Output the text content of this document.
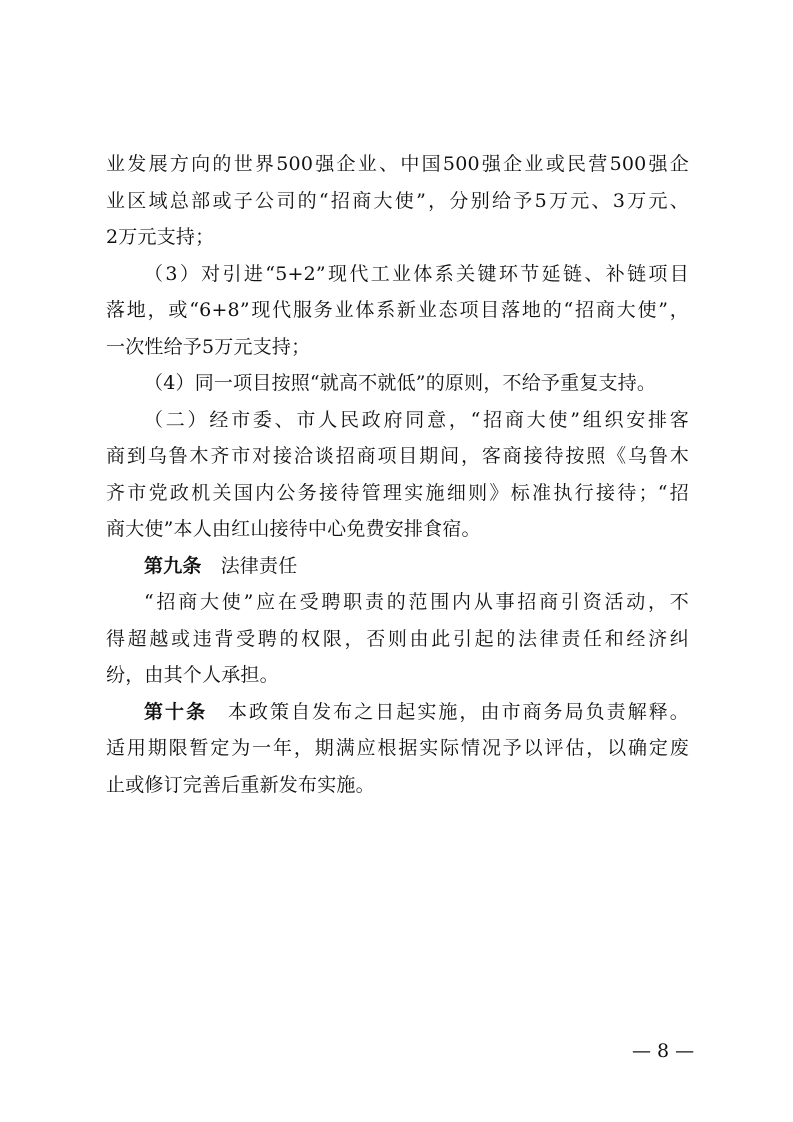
业发展方向的世界500强企业、中国500强企业或民营500强企
业区域总部或子公司的“招商大使”，分别给予5万元、3万元、
2万元支持；

（3）对引进“5+2”现代工业体系关键环节延链、补链项目
落地，或“6+8”现代服务业体系新业态项目落地的“招商大使”，
一次性给予5万元支持；

（4）同一项目按照“就高不就低”的原则，不给予重复支持。

（二）经市委、市人民政府同意，“招商大使”组织安排客
商到乌鲁木齐市对接洽谈招商项目期间，客商接待按照《乌鲁木
齐市党政机关国内公务接待管理实施细则》标准执行接待；“招
商大使”本人由红山接待中心免费安排食宿。

第九条 法律责任

“招商大使”应在受聘职责的范围内从事招商引资活动，不
得超越或违背受聘的权限，否则由此引起的法律责任和经济纠
纷，由其个人承担。

第十条 本政策自发布之日起实施，由市商务局负责解释。
适用期限暂定为一年，期满应根据实际情况予以评估，以确定废
止或修订完善后重新发布实施。

— 8 —
